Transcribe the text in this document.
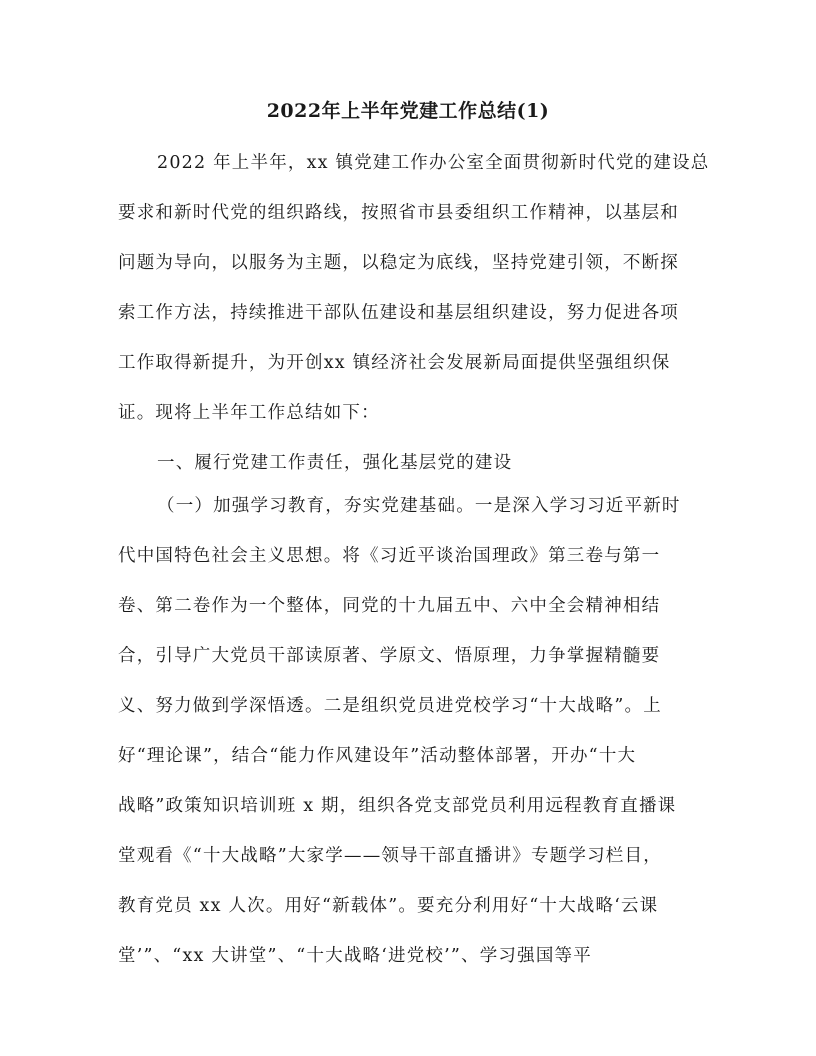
2022年上半年党建工作总结(1)
2022 年上半年，xx 镇党建工作办公室全面贯彻新时代党的建设总
要求和新时代党的组织路线，按照省市县委组织工作精神，以基层和
问题为导向，以服务为主题，以稳定为底线，坚持党建引领，不断探
索工作方法，持续推进干部队伍建设和基层组织建设，努力促进各项
工作取得新提升，为开创xx 镇经济社会发展新局面提供坚强组织保
证。现将上半年工作总结如下：
一、履行党建工作责任，强化基层党的建设
（一）加强学习教育，夯实党建基础。一是深入学习习近平新时
代中国特色社会主义思想。将《习近平谈治国理政》第三卷与第一
卷、第二卷作为一个整体，同党的十九届五中、六中全会精神相结
合，引导广大党员干部读原著、学原文、悟原理，力争掌握精髓要
义、努力做到学深悟透。二是组织党员进党校学习“十大战略”。上
好“理论课”，结合“能力作风建设年”活动整体部署，开办“十大
战略”政策知识培训班 x 期，组织各党支部党员利用远程教育直播课
堂观看《“十大战略”大家学——领导干部直播讲》专题学习栏目，
教育党员 xx 人次。用好“新载体”。要充分利用好“十大战略‘云课
堂’”、“xx 大讲堂”、“十大战略‘进党校’”、学习强国等平
